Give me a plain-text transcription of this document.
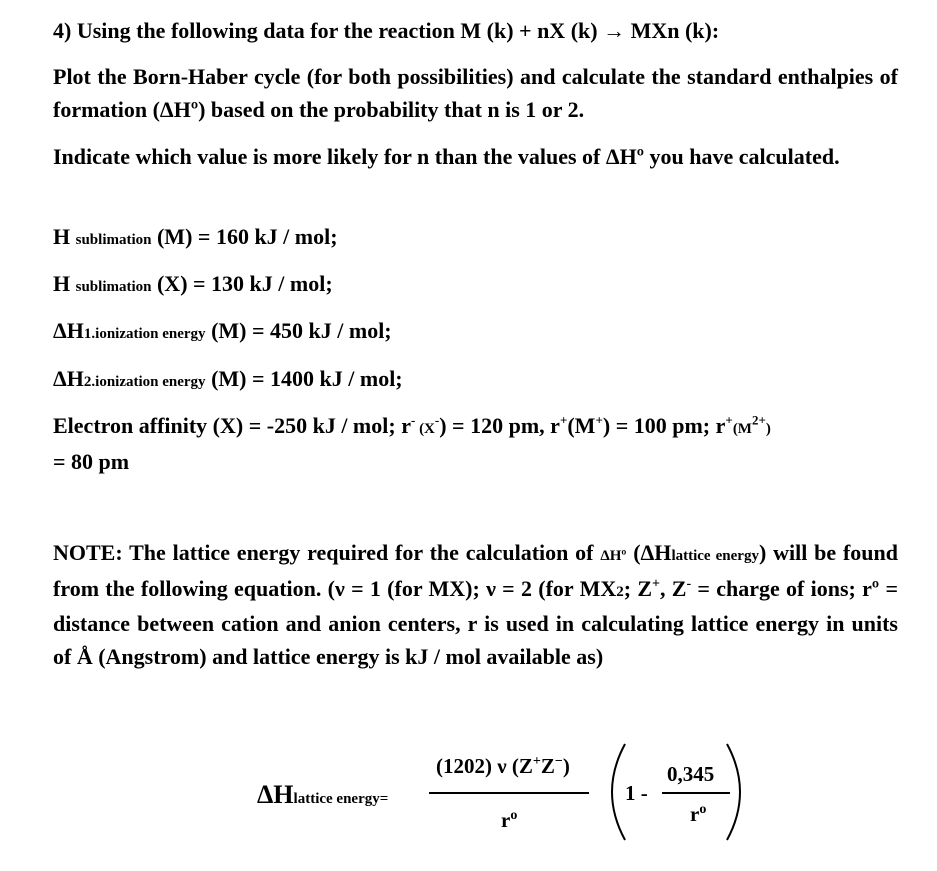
4) Using the following data for the reaction M (k) + nX (k) → MXn (k):
Plot the Born-Haber cycle (for both possibilities) and calculate the standard enthalpies of formation (ΔHº) based on the probability that n is 1 or 2.
Indicate which value is more likely for n than the values of ΔHº you have calculated.
H sublimation (M) = 160 kJ / mol;
H sublimation (X) = 130 kJ / mol;
ΔH1.ionization energy (M) = 450 kJ / mol;
ΔH2.ionization energy (M) = 1400 kJ / mol;
Electron affinity (X) = -250 kJ / mol; r- (X-) = 120 pm, r+(M+) = 100 pm; $r^+(M^{2+})$
= 80 pm
NOTE: The lattice energy required for the calculation of ΔHº (ΔHlattice energy) will be found from the following equation. (ν = 1 (for MX); ν = 2 (for MX2; Z+, Z- = charge of ions; rº = distance between cation and anion centers, r is used in calculating lattice energy in units of Å (Angstrom) and lattice energy is kJ / mol available as)
ΔHlattice energy=
(1202) ν (Z+Z−)
$r^o$
1 -
0,345
$r^o$
